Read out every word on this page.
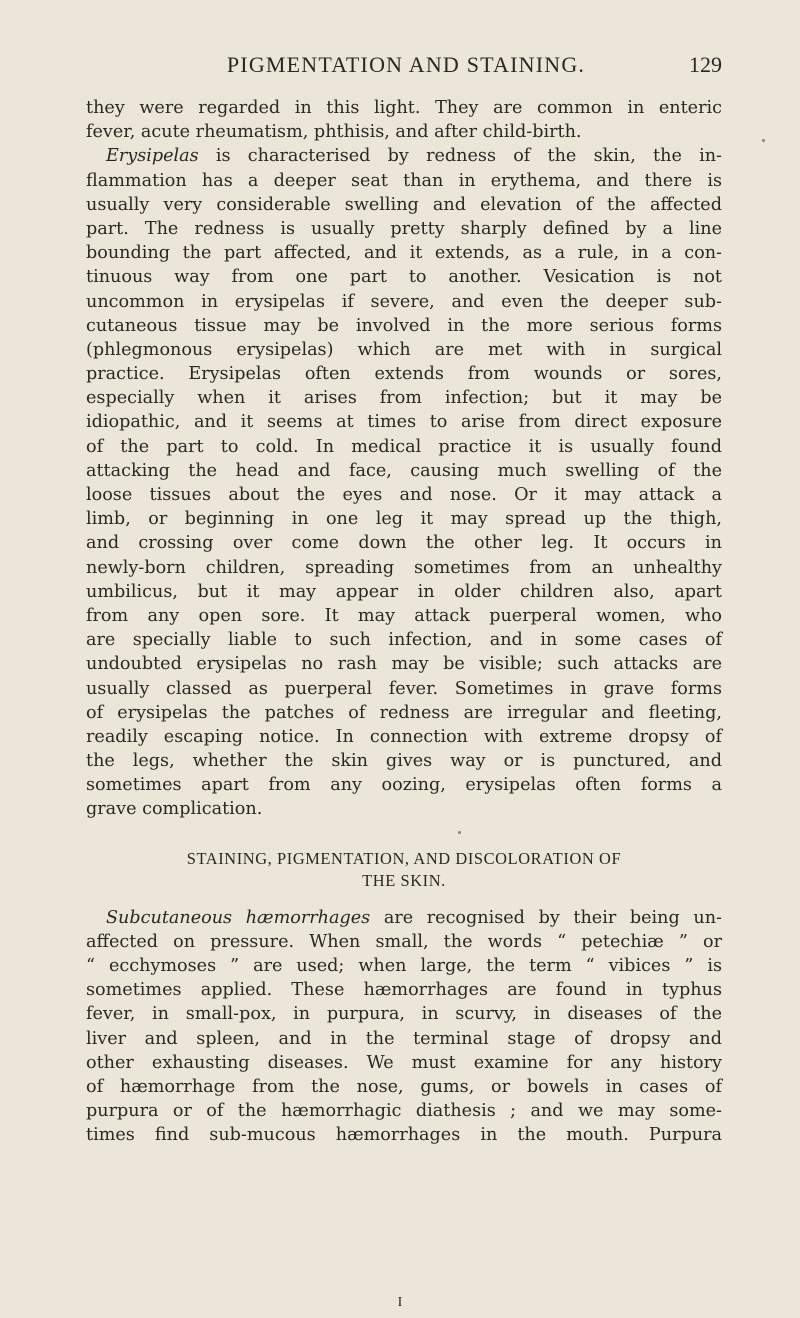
PIGMENTATION AND STAINING.	129
they were regarded in this light. They are common in enteric
fever, acute rheumatism, phthisis, and after child-birth.
Erysipelas is characterised by redness of the skin, the in-
flammation has a deeper seat than in erythema, and there is
usually very considerable swelling and elevation of the affected
part. The redness is usually pretty sharply defined by a line
bounding the part affected, and it extends, as a rule, in a con-
tinuous way from one part to another. Vesication is not
uncommon in erysipelas if severe, and even the deeper sub-
cutaneous tissue may be involved in the more serious forms
(phlegmonous erysipelas) which are met with in surgical
practice. Erysipelas often extends from wounds or sores,
especially when it arises from infection; but it may be
idiopathic, and it seems at times to arise from direct exposure
of the part to cold. In medical practice it is usually found
attacking the head and face, causing much swelling of the
loose tissues about the eyes and nose. Or it may attack a
limb, or beginning in one leg it may spread up the thigh,
and crossing over come down the other leg. It occurs in
newly-born children, spreading sometimes from an unhealthy
umbilicus, but it may appear in older children also, apart
from any open sore. It may attack puerperal women, who
are specially liable to such infection, and in some cases of
undoubted erysipelas no rash may be visible; such attacks are
usually classed as puerperal fever. Sometimes in grave forms
of erysipelas the patches of redness are irregular and fleeting,
readily escaping notice. In connection with extreme dropsy of
the legs, whether the skin gives way or is punctured, and
sometimes apart from any oozing, erysipelas often forms a
grave complication.
STAINING, PIGMENTATION, AND DISCOLORATION OF
THE SKIN.
Subcutaneous hæmorrhages are recognised by their being un-
affected on pressure. When small, the words “ petechiæ ” or
“ ecchymoses ” are used; when large, the term “ vibices ” is
sometimes applied. These hæmorrhages are found in typhus
fever, in small-pox, in purpura, in scurvy, in diseases of the
liver and spleen, and in the terminal stage of dropsy and
other exhausting diseases. We must examine for any history
of hæmorrhage from the nose, gums, or bowels in cases of
purpura or of the hæmorrhagic diathesis ; and we may some-
times find sub-mucous hæmorrhages in the mouth. Purpura
I
